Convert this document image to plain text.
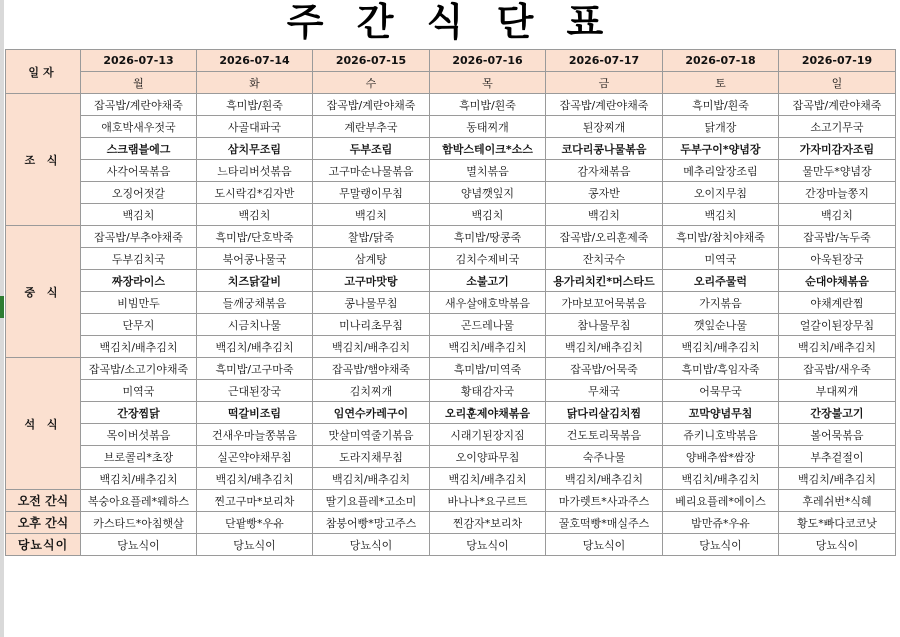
주 간 식 단 표
일자	2026-07-13	2026-07-14	2026-07-15	2026-07-16	2026-07-17	2026-07-18	2026-07-19
	월	화	수	목	금	토	일
조 식	잡곡밥/계란야채죽	흑미밥/흰죽	잡곡밥/계란야채죽	흑미밥/흰죽	잡곡밥/계란야채죽	흑미밥/흰죽	잡곡밥/계란야채죽
	애호박새우젓국	사골대파국	계란부추국	동태찌개	된장찌개	닭개장	소고기무국
	스크램블에그	삼치무조림	두부조림	함박스테이크*소스	코다리콩나물볶음	두부구이*양념장	가자미감자조림
	사각어묵볶음	느타리버섯볶음	고구마순나물볶음	멸치볶음	감자채볶음	메추리알장조림	물만두*양념장
	오징어젓갈	도시락김*김자반	무말랭이무침	양념깻잎지	콩자반	오이지무침	간장마늘쫑지
	백김치	백김치	백김치	백김치	백김치	백김치	백김치
중 식	잡곡밥/부추야채죽	흑미밥/단호박죽	찰밥/닭죽	흑미밥/땅콩죽	잡곡밥/오리훈제죽	흑미밥/참치야채죽	잡곡밥/녹두죽
	두부김치국	북어콩나물국	삼계탕	김치수제비국	잔치국수	미역국	아욱된장국
	짜장라이스	치즈닭갈비	고구마맛탕	소불고기	용가리치킨*머스타드	오리주물럭	순대야채볶음
	비빔만두	들깨궁채볶음	콩나물무침	새우살애호박볶음	가마보꼬어묵볶음	가지볶음	야채계란찜
	단무지	시금치나물	미나리초무침	곤드레나물	참나물무침	깻잎순나물	얼갈이된장무침
	백김치/배추김치	백김치/배추김치	백김치/배추김치	백김치/배추김치	백김치/배추김치	백김치/배추김치	백김치/배추김치
석 식	잡곡밥/소고기야채죽	흑미밥/고구마죽	잡곡밥/햄야채죽	흑미밥/미역죽	잡곡밥/어묵죽	흑미밥/흑임자죽	잡곡밥/새우죽
	미역국	근대된장국	김치찌개	황태감자국	무채국	어묵무국	부대찌개
	간장찜닭	떡갈비조림	임연수카레구이	오리훈제야채볶음	닭다리살김치찜	꼬막양념무침	간장불고기
	목이버섯볶음	건새우마늘쫑볶음	맛살미역줄기볶음	시래기된장지짐	건도토리묵볶음	쥬키니호박볶음	볼어묵볶음
	브로콜리*초장	실곤약야채무침	도라지채무침	오이양파무침	숙주나물	양배추쌈*쌈장	부추겉절이
	백김치/배추김치	백김치/배추김치	백김치/배추김치	백김치/배추김치	백김치/배추김치	백김치/배추김치	백김치/배추김치
오전 간식	복숭아요플레*웨하스	찐고구마*보리차	딸기요플레*고소미	바나나*요구르트	마가렛트*사과주스	베리요플레*에이스	후레쉬번*식혜
오후 간식	카스타드*아침햇살	단팥빵*우유	참붕어빵*망고주스	찐감자*보리차	꿀호떡빵*매실주스	밤만쥬*우유	황도*빠다코코낫
당뇨식이	당뇨식이	당뇨식이	당뇨식이	당뇨식이	당뇨식이	당뇨식이	당뇨식이
